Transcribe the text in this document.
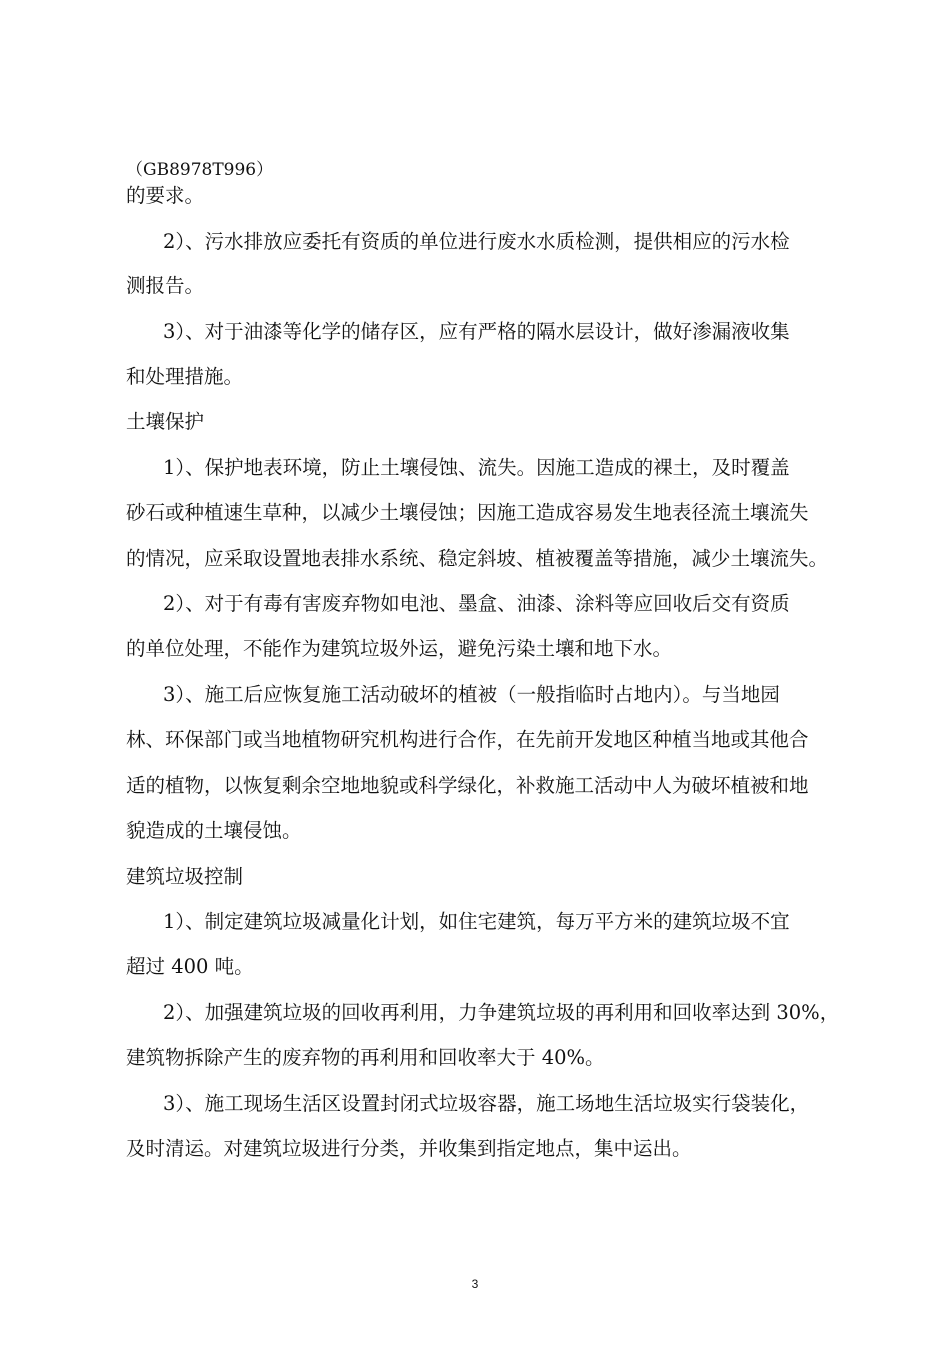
（GB8978T996）
的要求。
2）、污水排放应委托有资质的单位进行废水水质检测，提供相应的污水检
测报告。
3）、对于油漆等化学的储存区，应有严格的隔水层设计，做好渗漏液收集
和处理措施。
土壤保护
1）、保护地表环境，防止土壤侵蚀、流失。因施工造成的裸土，及时覆盖
砂石或种植速生草种，以减少土壤侵蚀；因施工造成容易发生地表径流土壤流失
的情况，应采取设置地表排水系统、稳定斜坡、植被覆盖等措施，减少土壤流失。
2）、对于有毒有害废弃物如电池、墨盒、油漆、涂料等应回收后交有资质
的单位处理，不能作为建筑垃圾外运，避免污染土壤和地下水。
3）、施工后应恢复施工活动破坏的植被（一般指临时占地内）。与当地园
林、环保部门或当地植物研究机构进行合作，在先前开发地区种植当地或其他合
适的植物，以恢复剩余空地地貌或科学绿化，补救施工活动中人为破坏植被和地
貌造成的土壤侵蚀。
建筑垃圾控制
1）、制定建筑垃圾减量化计划，如住宅建筑，每万平方米的建筑垃圾不宜
超过 400 吨。
2）、加强建筑垃圾的回收再利用，力争建筑垃圾的再利用和回收率达到 30%，
建筑物拆除产生的废弃物的再利用和回收率大于 40%。
3）、施工现场生活区设置封闭式垃圾容器，施工场地生活垃圾实行袋装化，
及时清运。对建筑垃圾进行分类，并收集到指定地点，集中运出。
3
